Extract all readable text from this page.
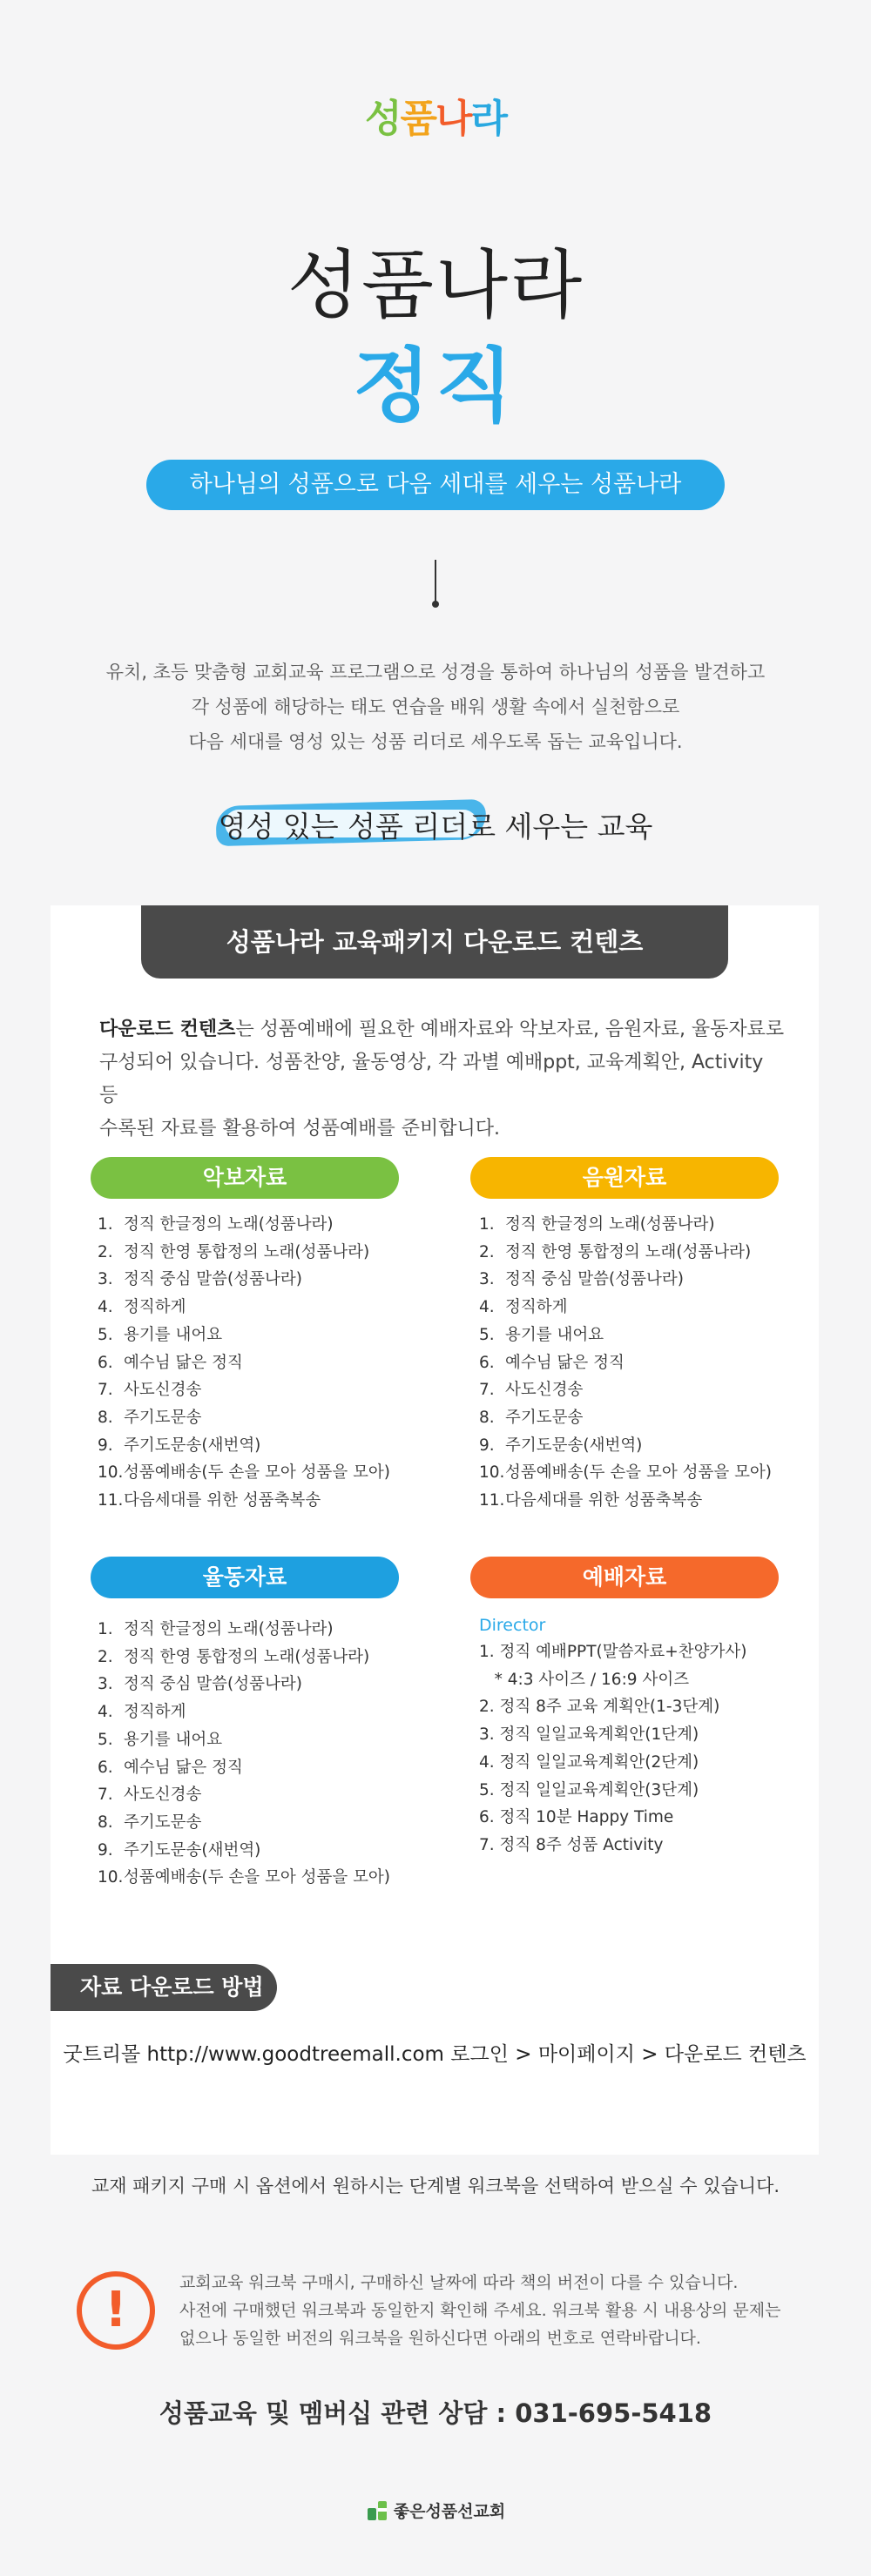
성품나라
성품나라
정직
하나님의 성품으로 다음 세대를 세우는 성품나라
유치, 초등 맞춤형 교회교육 프로그램으로 성경을 통하여 하나님의 성품을 발견하고
각 성품에 해당하는 태도 연습을 배워 생활 속에서 실천함으로
다음 세대를 영성 있는 성품 리더로 세우도록 돕는 교육입니다.
영성 있는 성품 리더로 세우는 교육
성품나라 교육패키지 다운로드 컨텐츠
다운로드 컨텐츠는 성품예배에 필요한 예배자료와 악보자료, 음원자료, 율동자료로
구성되어 있습니다. 성품찬양, 율동영상, 각 과별 예배ppt, 교육계획안, Activity 등
수록된 자료를 활용하여 성품예배를 준비합니다.
악보자료
1. 정직 한글정의 노래(성품나라)
2. 정직 한영 통합정의 노래(성품나라)
3. 정직 중심 말씀(성품나라)
4. 정직하게
5. 용기를 내어요
6. 예수님 닮은 정직
7. 사도신경송
8. 주기도문송
9. 주기도문송(새번역)
10.성품예배송(두 손을 모아 성품을 모아)
11.다음세대를 위한 성품축복송
음원자료
1. 정직 한글정의 노래(성품나라)
2. 정직 한영 통합정의 노래(성품나라)
3. 정직 중심 말씀(성품나라)
4. 정직하게
5. 용기를 내어요
6. 예수님 닮은 정직
7. 사도신경송
8. 주기도문송
9. 주기도문송(새번역)
10.성품예배송(두 손을 모아 성품을 모아)
11.다음세대를 위한 성품축복송
율동자료
1. 정직 한글정의 노래(성품나라)
2. 정직 한영 통합정의 노래(성품나라)
3. 정직 중심 말씀(성품나라)
4. 정직하게
5. 용기를 내어요
6. 예수님 닮은 정직
7. 사도신경송
8. 주기도문송
9. 주기도문송(새번역)
10.성품예배송(두 손을 모아 성품을 모아)
예배자료
Director
1. 정직 예배PPT(말씀자료+찬양가사)
* 4:3 사이즈 / 16:9 사이즈
2. 정직 8주 교육 계획안(1-3단계)
3. 정직 일일교육계획안(1단계)
4. 정직 일일교육계획안(2단계)
5. 정직 일일교육계획안(3단계)
6. 정직 10분 Happy Time
7. 정직 8주 성품 Activity
자료 다운로드 방법
굿트리몰 http://www.goodtreemall.com 로그인 > 마이페이지 > 다운로드 컨텐츠
교재 패키지 구매 시 옵션에서 원하시는 단계별 워크북을 선택하여 받으실 수 있습니다.
!	교회교육 워크북 구매시, 구매하신 날짜에 따라 책의 버전이 다를 수 있습니다.
사전에 구매했던 워크북과 동일한지 확인해 주세요. 워크북 활용 시 내용상의 문제는
없으나 동일한 버전의 워크북을 원하신다면 아래의 번호로 연락바랍니다.
성품교육 및 멤버십 관련 상담 : 031-695-5418
좋은성품선교회
